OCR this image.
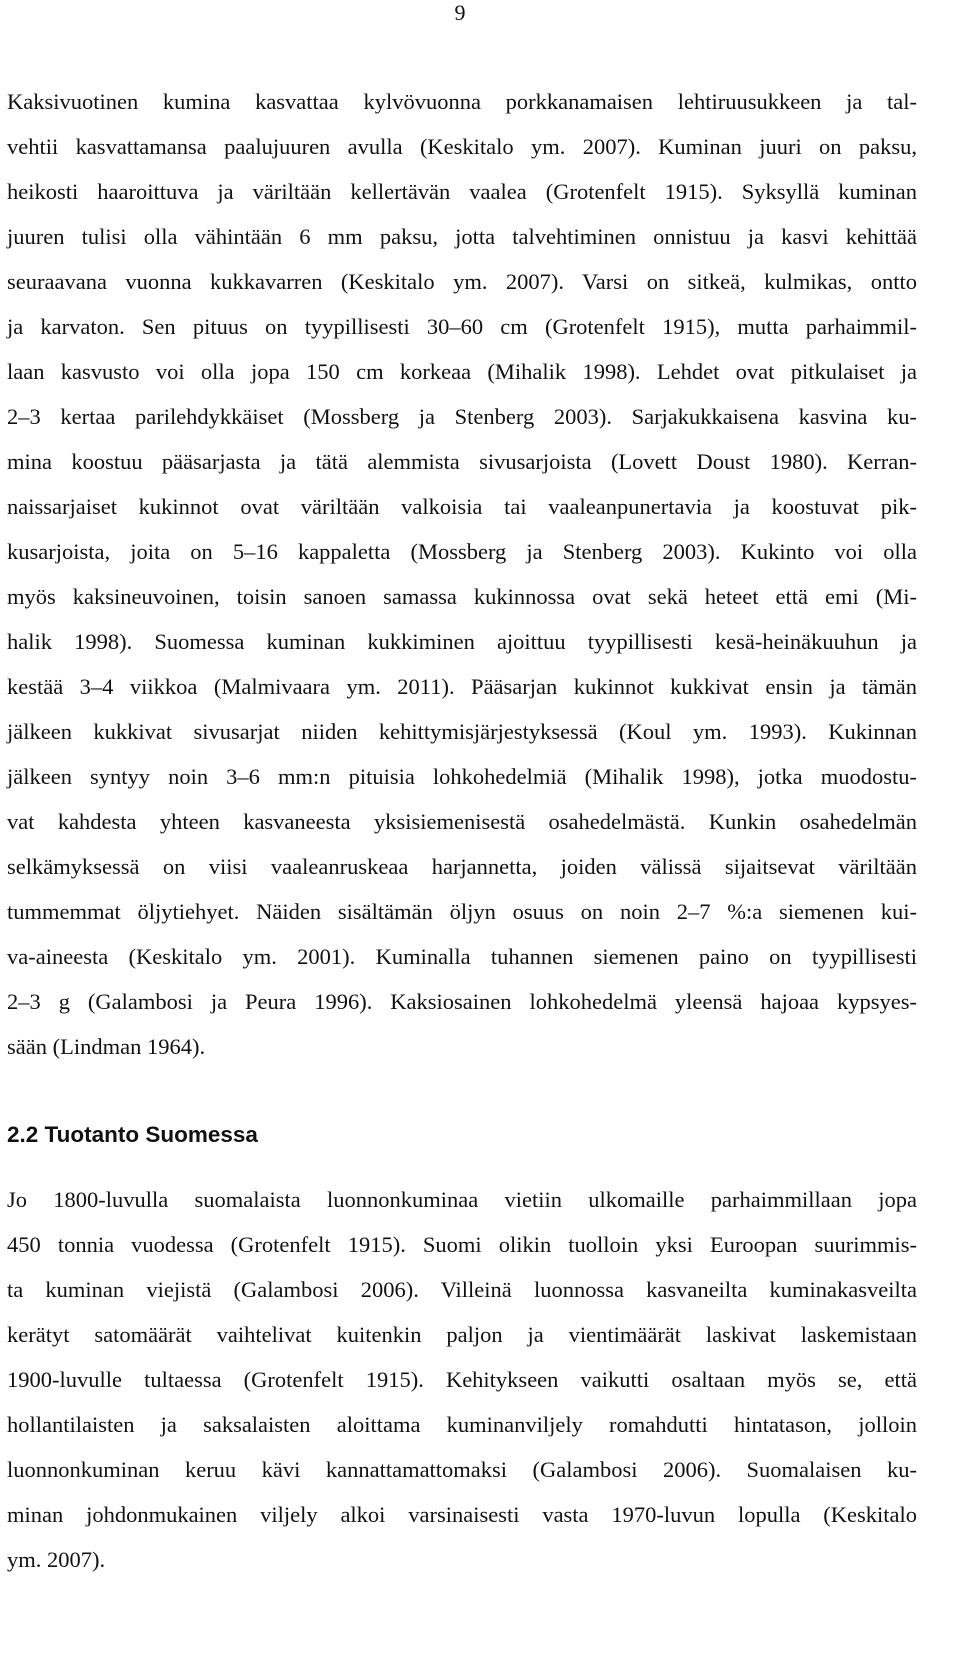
9
Kaksivuotinen kumina kasvattaa kylvövuonna porkkanamaisen lehtiruusukkeen ja tal-
vehtii kasvattamansa paalujuuren avulla (Keskitalo ym. 2007). Kuminan juuri on paksu,
heikosti haaroittuva ja väriltään kellertävän vaalea (Grotenfelt 1915). Syksyllä kuminan
juuren tulisi olla vähintään 6 mm paksu, jotta talvehtiminen onnistuu ja kasvi kehittää
seuraavana vuonna kukkavarren (Keskitalo ym. 2007). Varsi on sitkeä, kulmikas, ontto
ja karvaton. Sen pituus on tyypillisesti 30–60 cm (Grotenfelt 1915), mutta parhaimmil-
laan kasvusto voi olla jopa 150 cm korkeaa (Mihalik 1998). Lehdet ovat pitkulaiset ja
2–3 kertaa parilehdykkäiset (Mossberg ja Stenberg 2003). Sarjakukkaisena kasvina ku-
mina koostuu pääsarjasta ja tätä alemmista sivusarjoista (Lovett Doust 1980). Kerran-
naissarjaiset kukinnot ovat väriltään valkoisia tai vaaleanpunertavia ja koostuvat pik-
kusarjoista, joita on 5–16 kappaletta (Mossberg ja Stenberg 2003). Kukinto voi olla
myös kaksineuvoinen, toisin sanoen samassa kukinnossa ovat sekä heteet että emi (Mi-
halik 1998). Suomessa kuminan kukkiminen ajoittuu tyypillisesti kesä-heinäkuuhun ja
kestää 3–4 viikkoa (Malmivaara ym. 2011). Pääsarjan kukinnot kukkivat ensin ja tämän
jälkeen kukkivat sivusarjat niiden kehittymisjärjestyksessä (Koul ym. 1993). Kukinnan
jälkeen syntyy noin 3–6 mm:n pituisia lohkohedelmiä (Mihalik 1998), jotka muodostu-
vat kahdesta yhteen kasvaneesta yksisiemenisestä osahedelmästä. Kunkin osahedelmän
selkämyksessä on viisi vaaleanruskeaa harjannetta, joiden välissä sijaitsevat väriltään
tummemmat öljytiehyet. Näiden sisältämän öljyn osuus on noin 2–7 %:a siemenen kui-
va-aineesta (Keskitalo ym. 2001). Kuminalla tuhannen siemenen paino on tyypillisesti
2–3 g (Galambosi ja Peura 1996). Kaksiosainen lohkohedelmä yleensä hajoaa kypsyes-
sään (Lindman 1964).
2.2 Tuotanto Suomessa
Jo 1800-luvulla suomalaista luonnonkuminaa vietiin ulkomaille parhaimmillaan jopa
450 tonnia vuodessa (Grotenfelt 1915). Suomi olikin tuolloin yksi Euroopan suurimmis-
ta kuminan viejistä (Galambosi 2006). Villeinä luonnossa kasvaneilta kuminakasveilta
kerätyt satomäärät vaihtelivat kuitenkin paljon ja vientimäärät laskivat laskemistaan
1900-luvulle tultaessa (Grotenfelt 1915). Kehitykseen vaikutti osaltaan myös se, että
hollantilaisten ja saksalaisten aloittama kuminanviljely romahdutti hintatason, jolloin
luonnonkuminan keruu kävi kannattamattomaksi (Galambosi 2006). Suomalaisen ku-
minan johdonmukainen viljely alkoi varsinaisesti vasta 1970-luvun lopulla (Keskitalo
ym. 2007).
